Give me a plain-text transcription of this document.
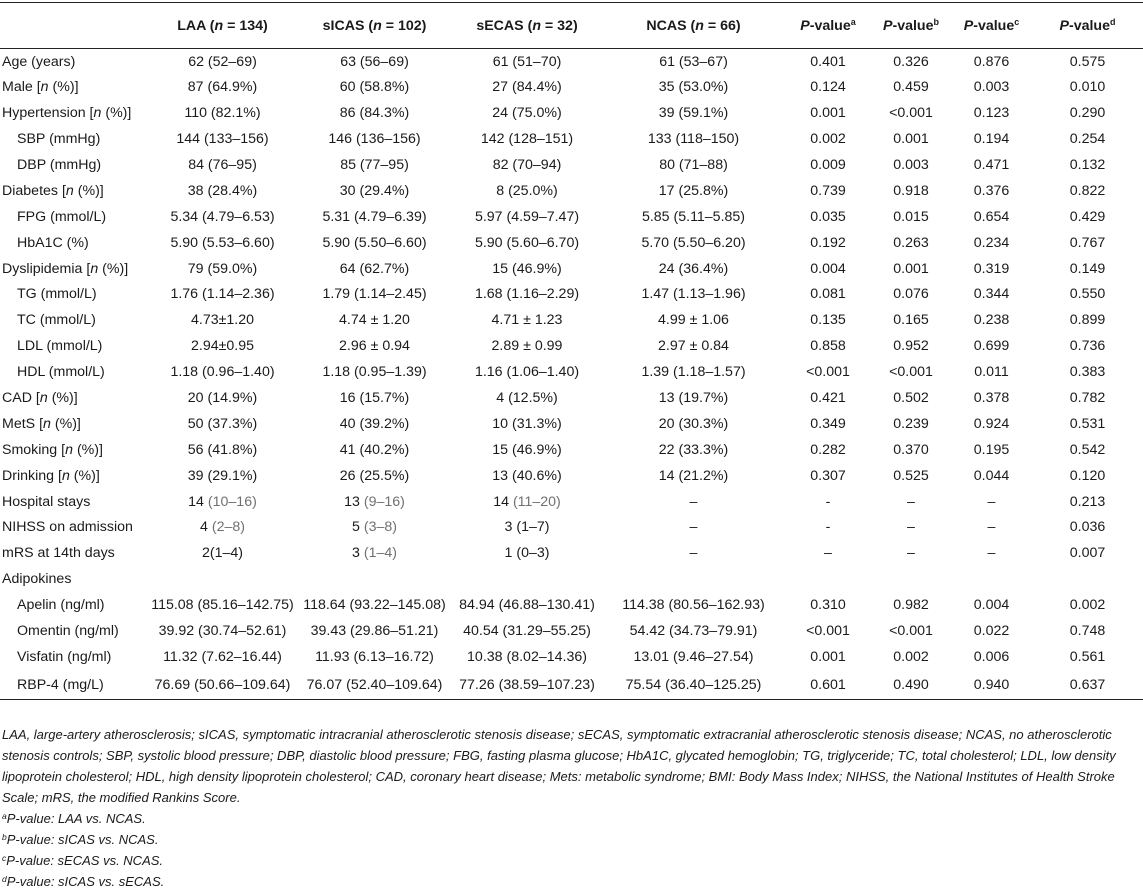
	LAA (n = 134)	sICAS (n = 102)	sECAS (n = 32)	NCAS (n = 66)	P-value$^a$	P-value$^b$	P-value$^c$	P-value$^d$
Age (years)	62 (52–69)	63 (56–69)	61 (51–70)	61 (53–67)	0.401	0.326	0.876	0.575
Male [n (%)]	87 (64.9%)	60 (58.8%)	27 (84.4%)	35 (53.0%)	0.124	0.459	0.003	0.010
Hypertension [n (%)]	110 (82.1%)	86 (84.3%)	24 (75.0%)	39 (59.1%)	0.001	<0.001	0.123	0.290
SBP (mmHg)	144 (133–156)	146 (136–156)	142 (128–151)	133 (118–150)	0.002	0.001	0.194	0.254
DBP (mmHg)	84 (76–95)	85 (77–95)	82 (70–94)	80 (71–88)	0.009	0.003	0.471	0.132
Diabetes [n (%)]	38 (28.4%)	30 (29.4%)	8 (25.0%)	17 (25.8%)	0.739	0.918	0.376	0.822
FPG (mmol/L)	5.34 (4.79–6.53)	5.31 (4.79–6.39)	5.97 (4.59–7.47)	5.85 (5.11–5.85)	0.035	0.015	0.654	0.429
HbA1C (%)	5.90 (5.53–6.60)	5.90 (5.50–6.60)	5.90 (5.60–6.70)	5.70 (5.50–6.20)	0.192	0.263	0.234	0.767
Dyslipidemia [n (%)]	79 (59.0%)	64 (62.7%)	15 (46.9%)	24 (36.4%)	0.004	0.001	0.319	0.149
TG (mmol/L)	1.76 (1.14–2.36)	1.79 (1.14–2.45)	1.68 (1.16–2.29)	1.47 (1.13–1.96)	0.081	0.076	0.344	0.550
TC (mmol/L)	4.73±1.20	4.74 ± 1.20	4.71 ± 1.23	4.99 ± 1.06	0.135	0.165	0.238	0.899
LDL (mmol/L)	2.94±0.95	2.96 ± 0.94	2.89 ± 0.99	2.97 ± 0.84	0.858	0.952	0.699	0.736
HDL (mmol/L)	1.18 (0.96–1.40)	1.18 (0.95–1.39)	1.16 (1.06–1.40)	1.39 (1.18–1.57)	<0.001	<0.001	0.011	0.383
CAD [n (%)]	20 (14.9%)	16 (15.7%)	4 (12.5%)	13 (19.7%)	0.421	0.502	0.378	0.782
MetS [n (%)]	50 (37.3%)	40 (39.2%)	10 (31.3%)	20 (30.3%)	0.349	0.239	0.924	0.531
Smoking [n (%)]	56 (41.8%)	41 (40.2%)	15 (46.9%)	22 (33.3%)	0.282	0.370	0.195	0.542
Drinking [n (%)]	39 (29.1%)	26 (25.5%)	13 (40.6%)	14 (21.2%)	0.307	0.525	0.044	0.120
Hospital stays	14 (10–16)	13 (9–16)	14 (11–20)	–	-	–	–	0.213
NIHSS on admission	4 (2–8)	5 (3–8)	3 (1–7)	–	-	–	–	0.036
mRS at 14th days	2(1–4)	3 (1–4)	1 (0–3)	–	–	–	–	0.007
Adipokines								
Apelin (ng/ml)	115.08 (85.16–142.75)	118.64 (93.22–145.08)	84.94 (46.88–130.41)	114.38 (80.56–162.93)	0.310	0.982	0.004	0.002
Omentin (ng/ml)	39.92 (30.74–52.61)	39.43 (29.86–51.21)	40.54 (31.29–55.25)	54.42 (34.73–79.91)	<0.001	<0.001	0.022	0.748
Visfatin (ng/ml)	11.32 (7.62–16.44)	11.93 (6.13–16.72)	10.38 (8.02–14.36)	13.01 (9.46–27.54)	0.001	0.002	0.006	0.561
RBP-4 (mg/L)	76.69 (50.66–109.64)	76.07 (52.40–109.64)	77.26 (38.59–107.23)	75.54 (36.40–125.25)	0.601	0.490	0.940	0.637

LAA, large-artery atherosclerosis; sICAS, symptomatic intracranial atherosclerotic stenosis disease; sECAS, symptomatic extracranial atherosclerotic stenosis disease; NCAS, no atherosclerotic stenosis controls; SBP, systolic blood pressure; DBP, diastolic blood pressure; FBG, fasting plasma glucose; HbA1C, glycated hemoglobin; TG, triglyceride; TC, total cholesterol; LDL, low density lipoprotein cholesterol; HDL, high density lipoprotein cholesterol; CAD, coronary heart disease; Mets: metabolic syndrome; BMI: Body Mass Index; NIHSS, the National Institutes of Health Stroke Scale; mRS, the modified Rankins Score.

$^a$P-value: LAA vs. NCAS.

$^b$P-value: sICAS vs. NCAS.

$^c$P-value: sECAS vs. NCAS.

$^d$P-value: sICAS vs. sECAS.
